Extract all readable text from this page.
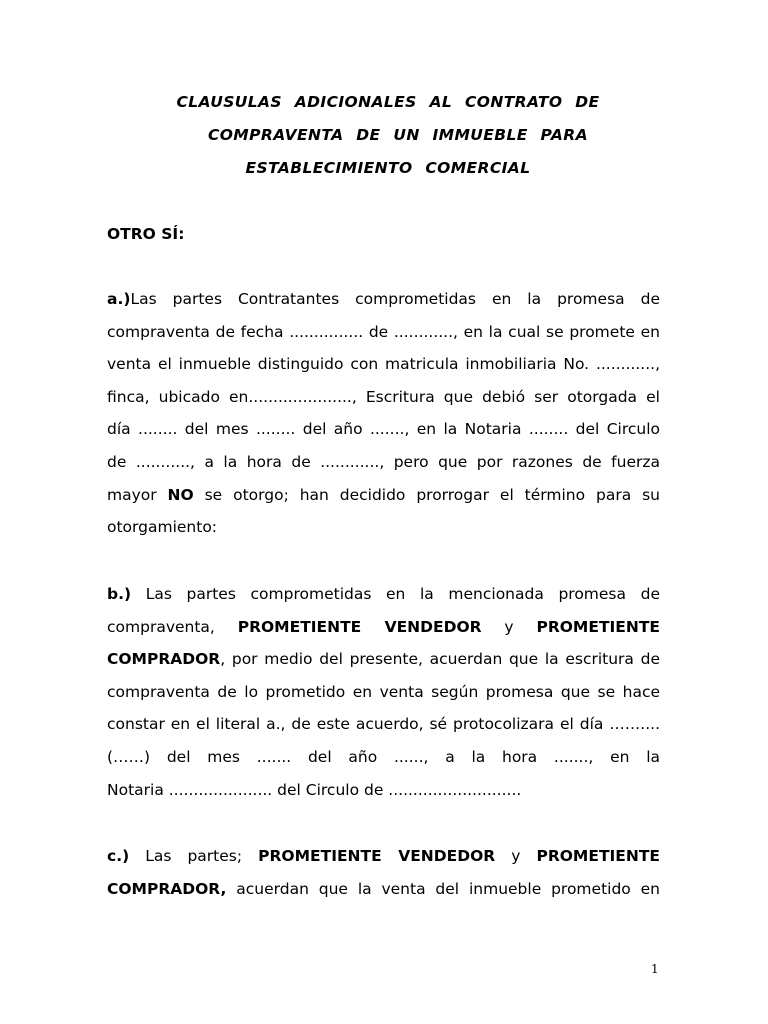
CLAUSULAS ADICIONALES AL CONTRATO DE
COMPRAVENTA DE UN IMMUEBLE PARA
ESTABLECIMIENTO COMERCIAL
OTRO SÍ:
a.)Las partes Contratantes comprometidas en la promesa de
compraventa de fecha ............... de ............, en la cual se promete en
venta el inmueble distinguido con matricula inmobiliaria No. ............,
finca, ubicado en....................., Escritura que debió ser otorgada el
día ........ del mes ........ del año ......., en la Notaria ........ del Circulo
de ..........., a la hora de ............, pero que por razones de fuerza
mayor NO se otorgo; han decidido prorrogar el término para su
otorgamiento:
b.) Las partes comprometidas en la mencionada promesa de
compraventa, PROMETIENTE VENDEDOR y PROMETIENTE
COMPRADOR, por medio del presente, acuerdan que la escritura de
compraventa de lo prometido en venta según promesa que se hace
constar en el literal a., de este acuerdo, sé protocolizara el día ……....
(……) del mes ....... del año ......, a la hora ......., en la
Notaria ..................... del Circulo de ...........................
c.) Las partes; PROMETIENTE VENDEDOR y PROMETIENTE
COMPRADOR, acuerdan que la venta del inmueble prometido en
1
